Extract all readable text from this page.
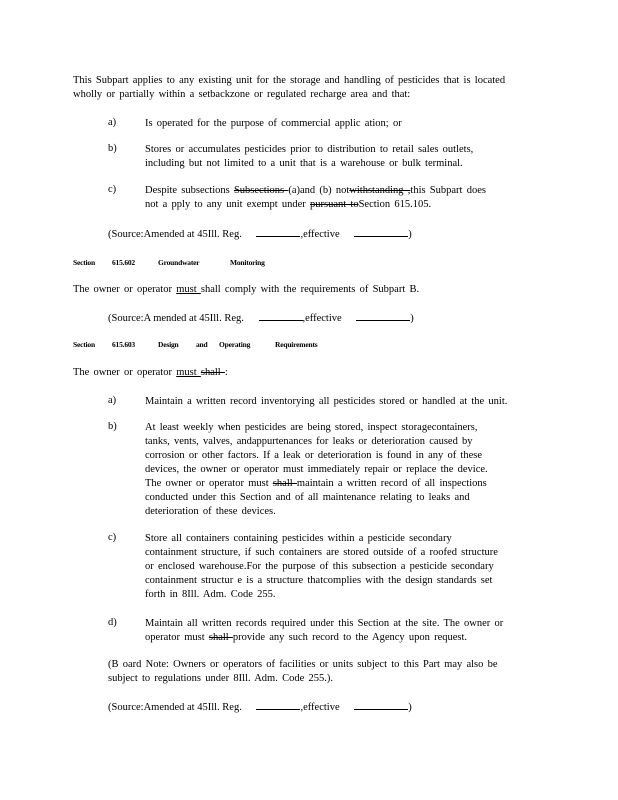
This Subpart applies to any existing unit for the storage and handling of pesticides that is located
wholly or partially within a setbackzone or regulated recharge area and that:
a)	Is operated for the purpose of commercial applic ation; or
b)	Stores or accumulates pesticides prior to distribution to retail sales outlets,
including but not limited to a unit that is a warehouse or bulk terminal.
c)	Despite subsections Subsections (a)and (b) notwithstanding ,this Subpart does
not a pply to any unit exempt under pursuant toSection 615.105.
(Source:Amended at 45Ill. Reg.	,effective	)
Section 615.602	Groundwater	Monitoring
The owner or operator must shall comply with the requirements of Subpart B.
(Source:A mended at 45Ill. Reg.	,effective	)
Section 615.603	Design and Operating	Requirements
The owner or operator must shall :
a)	Maintain a written record inventorying all pesticides stored or handled at the unit.
b)	At least weekly when pesticides are being stored, inspect storagecontainers,
tanks, vents, valves, andappurtenances for leaks or deterioration caused by
corrosion or other factors. If a leak or deterioration is found in any of these
devices, the owner or operator must immediately repair or replace the device.
The owner or operator must shall maintain a written record of all inspections
conducted under this Section and of all maintenance relating to leaks and
deterioration of these devices.
c)	Store all containers containing pesticides within a pesticide secondary
containment structure, if such containers are stored outside of a roofed structure
or enclosed warehouse.For the purpose of this subsection a pesticide secondary
containment structur e is a structure thatcomplies with the design standards set
forth in 8Ill. Adm. Code 255.
d)	Maintain all written records required under this Section at the site. The owner or
operator must shall provide any such record to the Agency upon request.
(B oard Note: Owners or operators of facilities or units subject to this Part may also be
subject to regulations under 8Ill. Adm. Code 255.).
(Source:Amended at 45Ill. Reg.	,effective	)
